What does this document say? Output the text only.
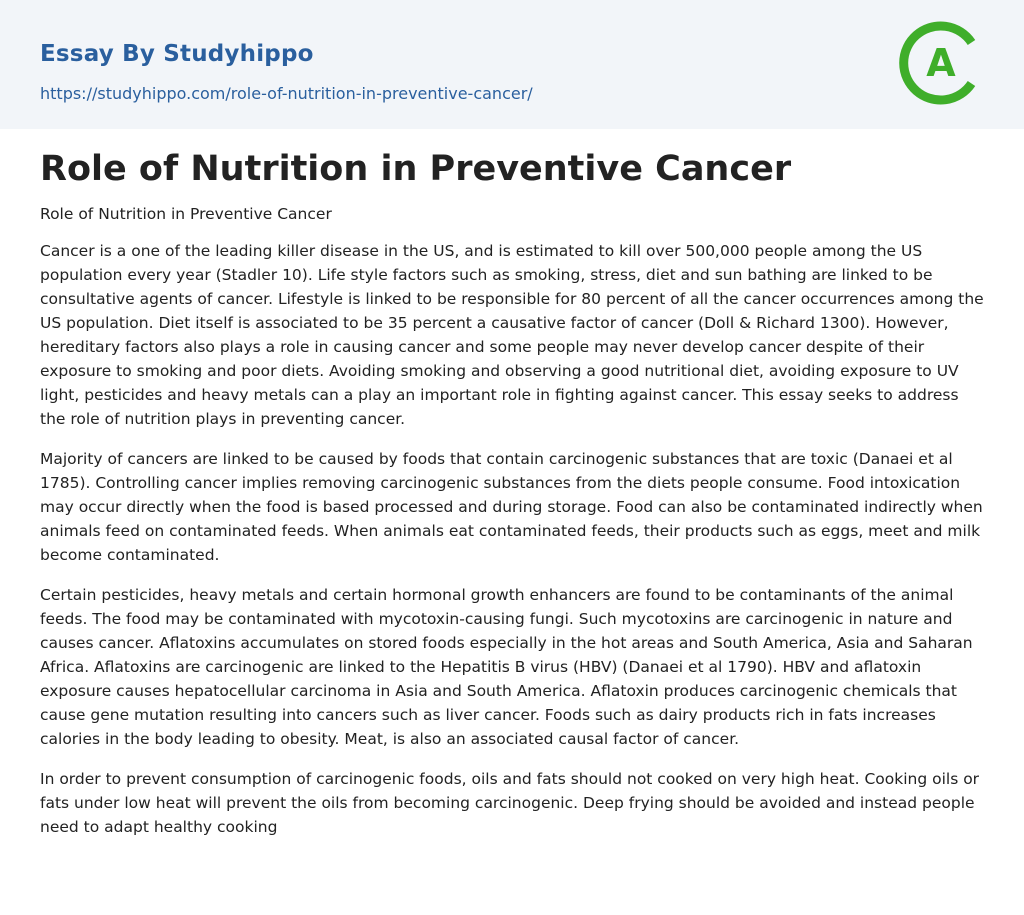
Essay By Studyhippo
https://studyhippo.com/role-of-nutrition-in-preventive-cancer/
A
Role of Nutrition in Preventive Cancer
Role of Nutrition in Preventive Cancer

Cancer is a one of the leading killer disease in the US, and is estimated to kill over 500,000 people among the US population every year (Stadler 10). Life style factors such as smoking, stress, diet and sun bathing are linked to be consultative agents of cancer. Lifestyle is linked to be responsible for 80 percent of all the cancer occurrences among the US population. Diet itself is associated to be 35 percent a causative factor of cancer (Doll & Richard 1300). However, hereditary factors also plays a role in causing cancer and some people may never develop cancer despite of their exposure to smoking and poor diets. Avoiding smoking and observing a good nutritional diet, avoiding exposure to UV light, pesticides and heavy metals can a play an important role in fighting against cancer. This essay seeks to address the role of nutrition plays in preventing cancer.

Majority of cancers are linked to be caused by foods that contain carcinogenic substances that are toxic (Danaei et al 1785). Controlling cancer implies removing carcinogenic substances from the diets people consume. Food intoxication may occur directly when the food is based processed and during storage. Food can also be contaminated indirectly when animals feed on contaminated feeds. When animals eat contaminated feeds, their products such as eggs, meet and milk become contaminated.

Certain pesticides, heavy metals and certain hormonal growth enhancers are found to be contaminants of the animal feeds. The food may be contaminated with mycotoxin-causing fungi. Such mycotoxins are carcinogenic in nature and causes cancer. Aflatoxins accumulates on stored foods especially in the hot areas and South America, Asia and Saharan Africa. Aflatoxins are carcinogenic are linked to the Hepatitis B virus (HBV) (Danaei et al 1790). HBV and aflatoxin exposure causes hepatocellular carcinoma in Asia and South America. Aflatoxin produces carcinogenic chemicals that cause gene mutation resulting into cancers such as liver cancer. Foods such as dairy products rich in fats increases calories in the body leading to obesity. Meat, is also an associated causal factor of cancer.

In order to prevent consumption of carcinogenic foods, oils and fats should not cooked on very high heat. Cooking oils or fats under low heat will prevent the oils from becoming carcinogenic. Deep frying should be avoided and instead people need to adapt healthy cooking
